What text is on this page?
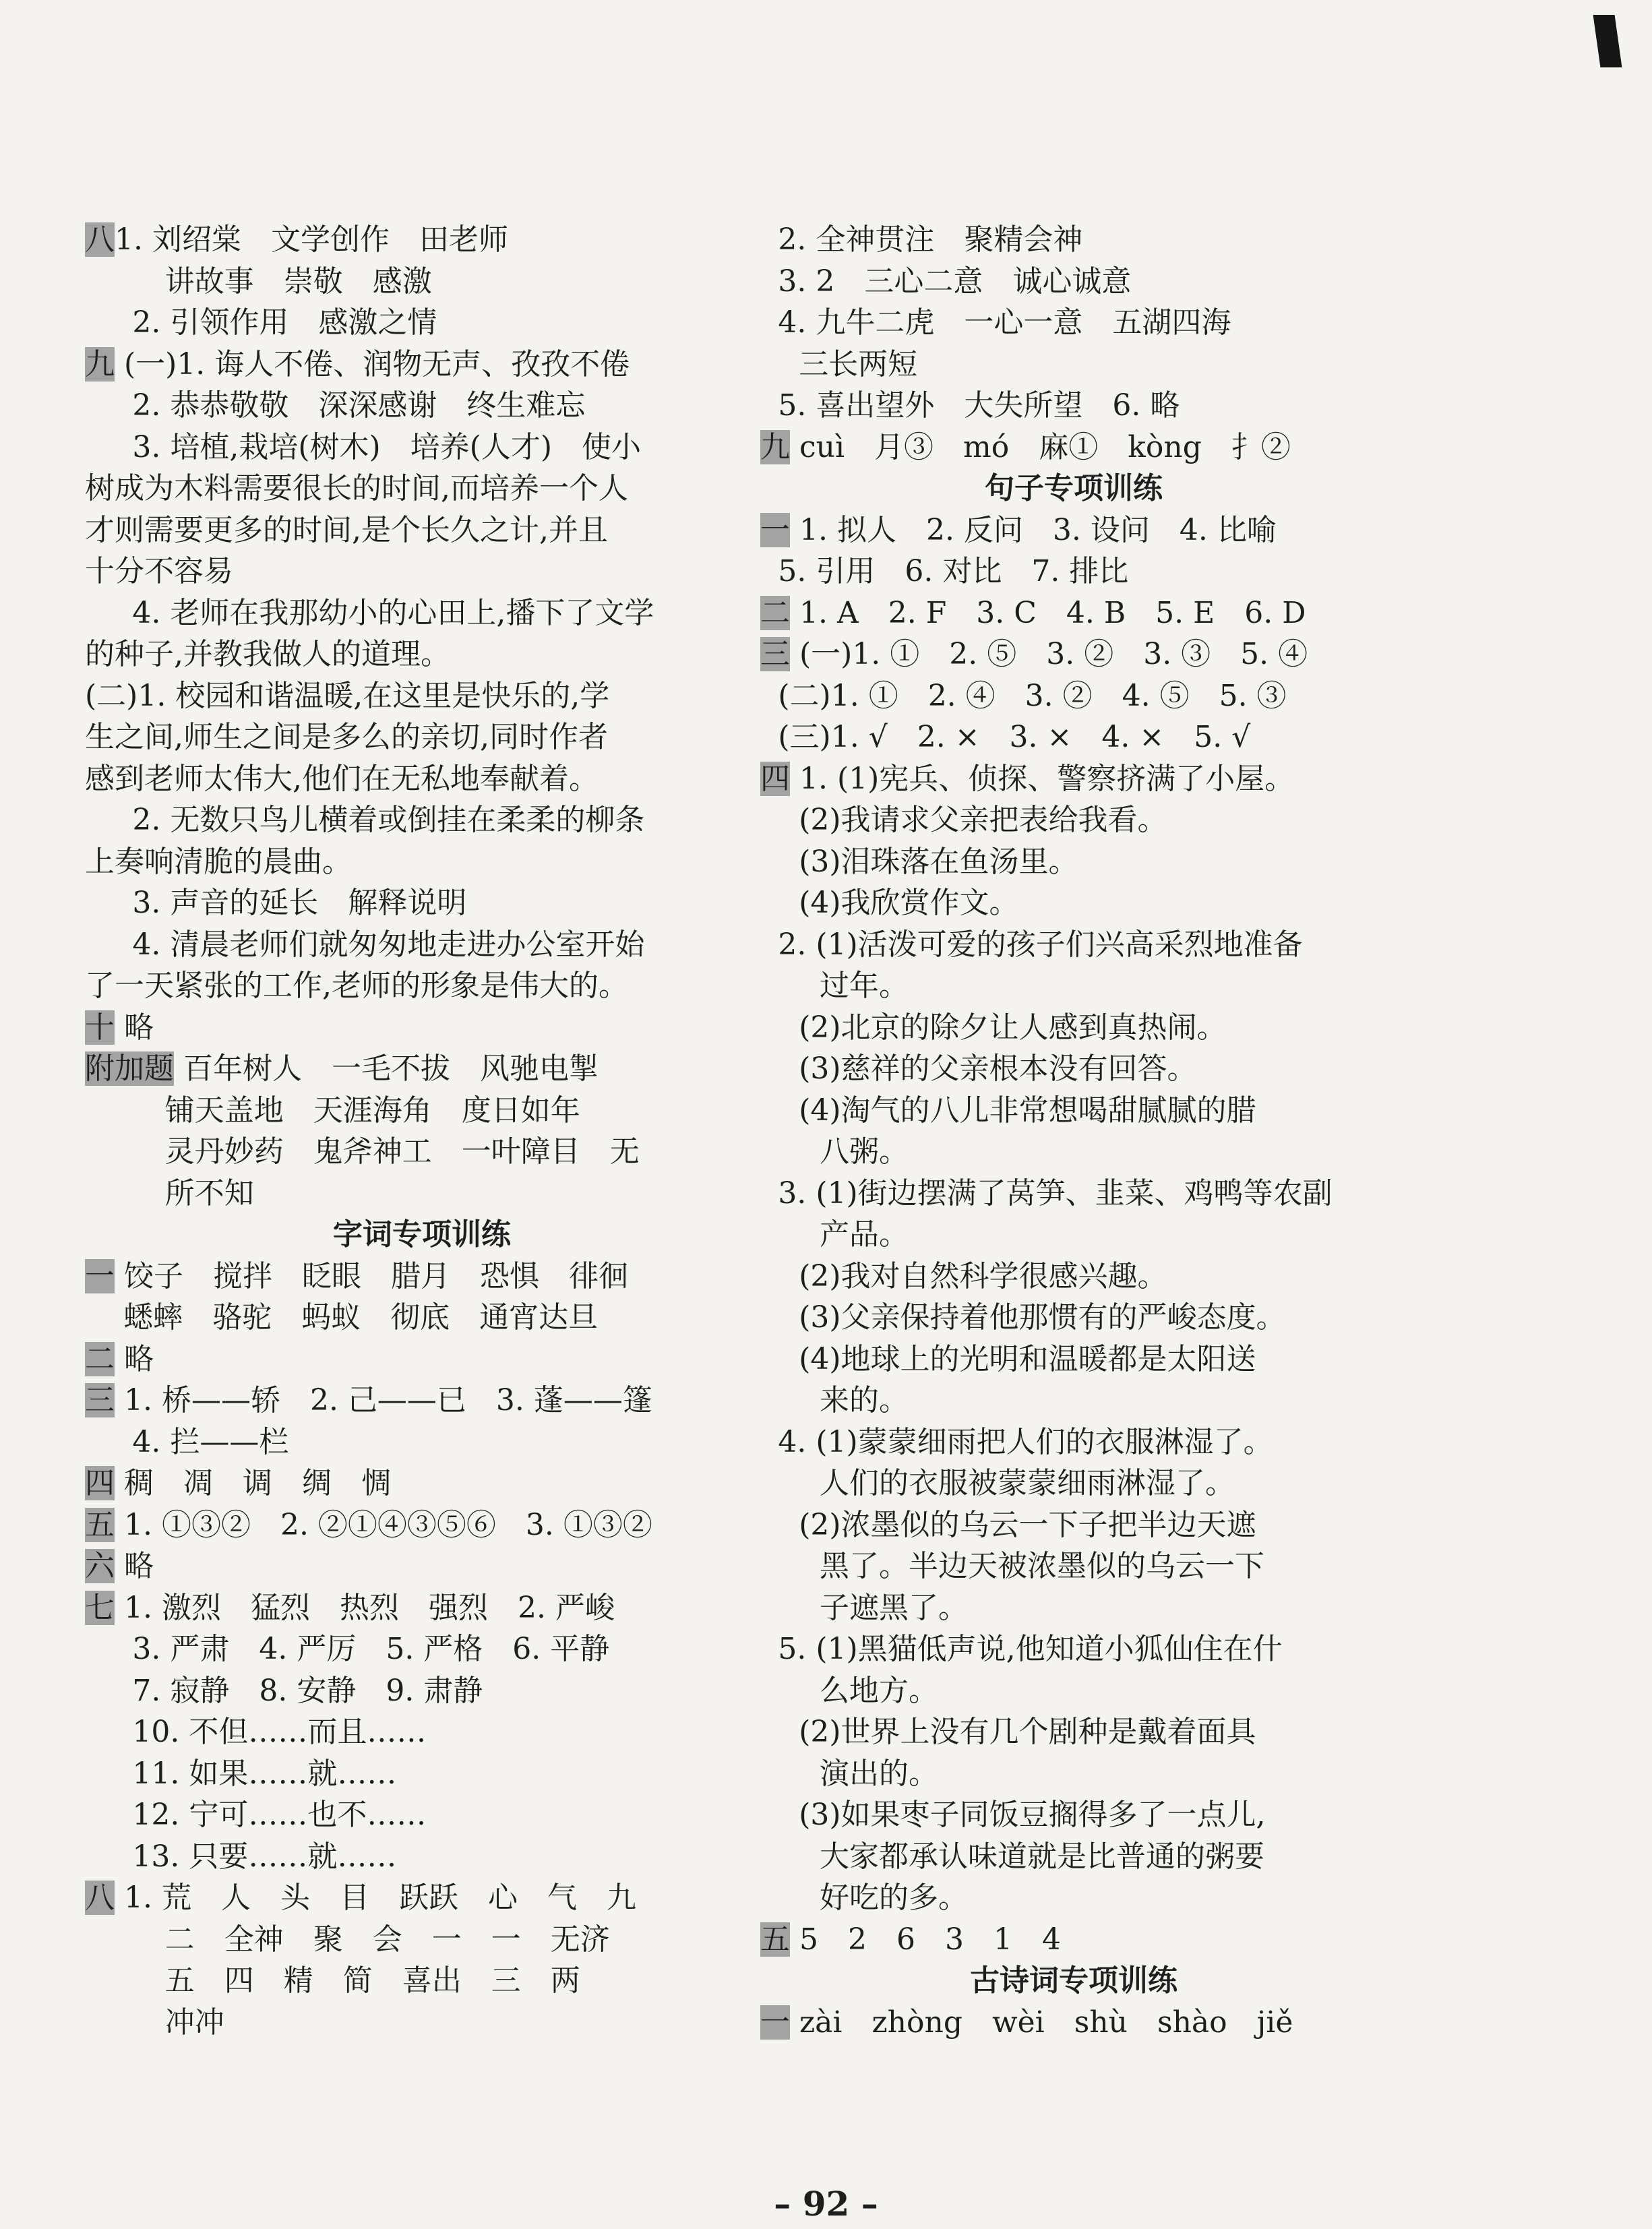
八1. 刘绍棠　文学创作　田老师
讲故事　崇敬　感激
2. 引领作用　感激之情
九 (一)1. 诲人不倦、润物无声、孜孜不倦
2. 恭恭敬敬　深深感谢　终生难忘
3. 培植,栽培(树木)　培养(人才)　使小
树成为木料需要很长的时间,而培养一个人
才则需要更多的时间,是个长久之计,并且
十分不容易
4. 老师在我那幼小的心田上,播下了文学
的种子,并教我做人的道理。
(二)1. 校园和谐温暖,在这里是快乐的,学
生之间,师生之间是多么的亲切,同时作者
感到老师太伟大,他们在无私地奉献着。
2. 无数只鸟儿横着或倒挂在柔柔的柳条
上奏响清脆的晨曲。
3. 声音的延长　解释说明
4. 清晨老师们就匆匆地走进办公室开始
了一天紧张的工作,老师的形象是伟大的。
十 略
附加题 百年树人　一毛不拔　风驰电掣
铺天盖地　天涯海角　度日如年
灵丹妙药　鬼斧神工　一叶障目　无
所不知
字词专项训练
一 饺子　搅拌　眨眼　腊月　恐惧　徘徊
蟋蟀　骆驼　蚂蚁　彻底　通宵达旦
二 略
三 1. 桥——轿　2. 己——已　3. 蓬——篷
4. 拦——栏
四 稠　凋　调　绸　惆
五 1. ①③②　2. ②①④③⑤⑥　3. ①③②
六 略
七 1. 激烈　猛烈　热烈　强烈　2. 严峻
3. 严肃　4. 严厉　5. 严格　6. 平静
7. 寂静　8. 安静　9. 肃静
10. 不但……而且……
11. 如果……就……
12. 宁可……也不……
13. 只要……就……
八 1. 荒　人　头　目　跃跃　心　气　九
二　全神　聚　会　一　一　无济
五　四　精　简　喜出　三　两
冲冲
2. 全神贯注　聚精会神
3. 2　三心二意　诚心诚意
4. 九牛二虎　一心一意　五湖四海
三长两短
5. 喜出望外　大失所望　6. 略
九 cuì　月③　mó　麻①　kòng　扌②
句子专项训练
一 1. 拟人　2. 反问　3. 设问　4. 比喻
5. 引用　6. 对比　7. 排比
二 1. A　2. F　3. C　4. B　5. E　6. D
三 (一)1. ①　2. ⑤　3. ②　3. ③　5. ④
(二)1. ①　2. ④　3. ②　4. ⑤　5. ③
(三)1. √　2. ×　3. ×　4. ×　5. √
四 1. (1)宪兵、侦探、警察挤满了小屋。
(2)我请求父亲把表给我看。
(3)泪珠落在鱼汤里。
(4)我欣赏作文。
2. (1)活泼可爱的孩子们兴高采烈地准备
过年。
(2)北京的除夕让人感到真热闹。
(3)慈祥的父亲根本没有回答。
(4)淘气的八儿非常想喝甜腻腻的腊
八粥。
3. (1)街边摆满了莴笋、韭菜、鸡鸭等农副
产品。
(2)我对自然科学很感兴趣。
(3)父亲保持着他那惯有的严峻态度。
(4)地球上的光明和温暖都是太阳送
来的。
4. (1)蒙蒙细雨把人们的衣服淋湿了。
人们的衣服被蒙蒙细雨淋湿了。
(2)浓墨似的乌云一下子把半边天遮
黑了。半边天被浓墨似的乌云一下
子遮黑了。
5. (1)黑猫低声说,他知道小狐仙住在什
么地方。
(2)世界上没有几个剧种是戴着面具
演出的。
(3)如果枣子同饭豆搁得多了一点儿,
大家都承认味道就是比普通的粥要
好吃的多。
五 5　2　6　3　1　4
古诗词专项训练
一 zài　zhòng　wèi　shù　shào　jiě
– 92 –
